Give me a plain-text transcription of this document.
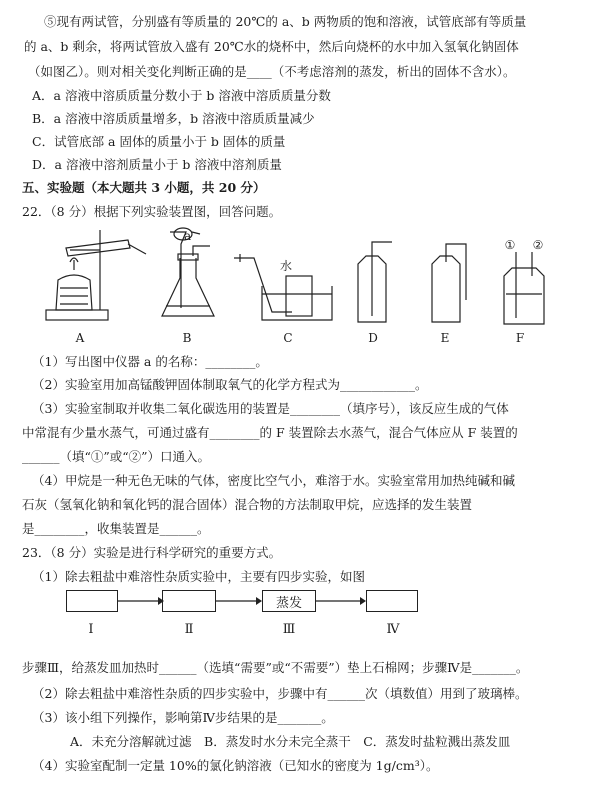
⑤现有两试管，分别盛有等质量的 20℃的 a、b 两物质的饱和溶液，试管底部有等质量
的 a、b 剩余，将两试管放入盛有 20℃水的烧杯中，然后向烧杯的水中加入氢氧化钠固体
（如图乙）。则对相关变化判断正确的是____（不考虑溶剂的蒸发，析出的固体不含水）。
A．a 溶液中溶质质量分数小于 b 溶液中溶质质量分数
B．a 溶液中溶质质量增多，b 溶液中溶质质量减少
C．试管底部 a 固体的质量小于 b 固体的质量
D．a 溶液中溶剂质量小于 b 溶液中溶剂质量
五、实验题（本大题共 3 小题，共 20 分）
22．（8 分）根据下列实验装置图，回答问题。
a
水
①	②
A	B	C	D	E	F
（1）写出图中仪器 a 的名称：________。
（2）实验室用加高锰酸钾固体制取氧气的化学方程式为____________。
（3）实验室制取并收集二氧化碳选用的装置是________（填序号），该反应生成的气体
中常混有少量水蒸气，可通过盛有________的 F 装置除去水蒸气，混合气体应从 F 装置的
______（填“①”或“②”）口通入。
（4）甲烷是一种无色无味的气体，密度比空气小，难溶于水。实验室常用加热纯碱和碱
石灰（氢氧化钠和氧化钙的混合固体）混合物的方法制取甲烷，应选择的发生装置
是________，收集装置是______。
23．（8 分）实验是进行科学研究的重要方式。
（1）除去粗盐中难溶性杂质实验中，主要有四步实验，如图
蒸发
Ⅰ	Ⅱ	Ⅲ	Ⅳ
步骤Ⅲ，给蒸发皿加热时______（选填“需要”或“不需要”）垫上石棉网；步骤Ⅳ是_______。
（2）除去粗盐中难溶性杂质的四步实验中，步骤中有______次（填数值）用到了玻璃棒。
（3）该小组下列操作，影响第Ⅳ步结果的是_______。
A．未充分溶解就过滤　B．蒸发时水分未完全蒸干　C．蒸发时盐粒溅出蒸发皿
（4）实验室配制一定量 10%的氯化钠溶液（已知水的密度为 1g/cm³）。
